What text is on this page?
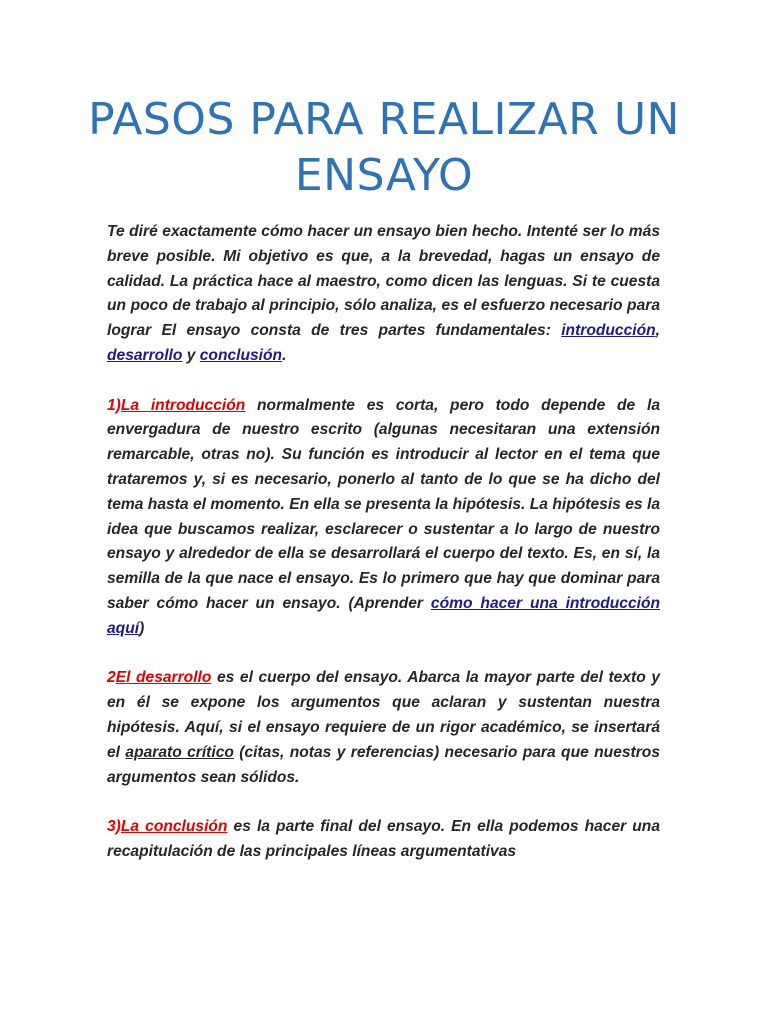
PASOS PARA REALIZAR UN ENSAYO

Te diré exactamente cómo hacer un ensayo bien hecho. Intenté ser lo más breve posible. Mi objetivo es que, a la brevedad, hagas un ensayo de calidad. La práctica hace al maestro, como dicen las lenguas. Si te cuesta un poco de trabajo al principio, sólo analiza, es el esfuerzo necesario para lograr El ensayo consta de tres partes fundamentales: introducción, desarrollo y conclusión.

1)La introducción normalmente es corta, pero todo depende de la envergadura de nuestro escrito (algunas necesitaran una extensión remarcable, otras no). Su función es introducir al lector en el tema que trataremos y, si es necesario, ponerlo al tanto de lo que se ha dicho del tema hasta el momento. En ella se presenta la hipótesis. La hipótesis es la idea que buscamos realizar, esclarecer o sustentar a lo largo de nuestro ensayo y alrededor de ella se desarrollará el cuerpo del texto. Es, en sí, la semilla de la que nace el ensayo. Es lo primero que hay que dominar para saber cómo hacer un ensayo. (Aprender cómo hacer una introducción aquí)

2El desarrollo es el cuerpo del ensayo. Abarca la mayor parte del texto y en él se expone los argumentos que aclaran y sustentan nuestra hipótesis. Aquí, si el ensayo requiere de un rigor académico, se insertará el aparato crítico (citas, notas y referencias) necesario para que nuestros argumentos sean sólidos.

3)La conclusión es la parte final del ensayo. En ella podemos hacer una recapitulación de las principales líneas argumentativas
